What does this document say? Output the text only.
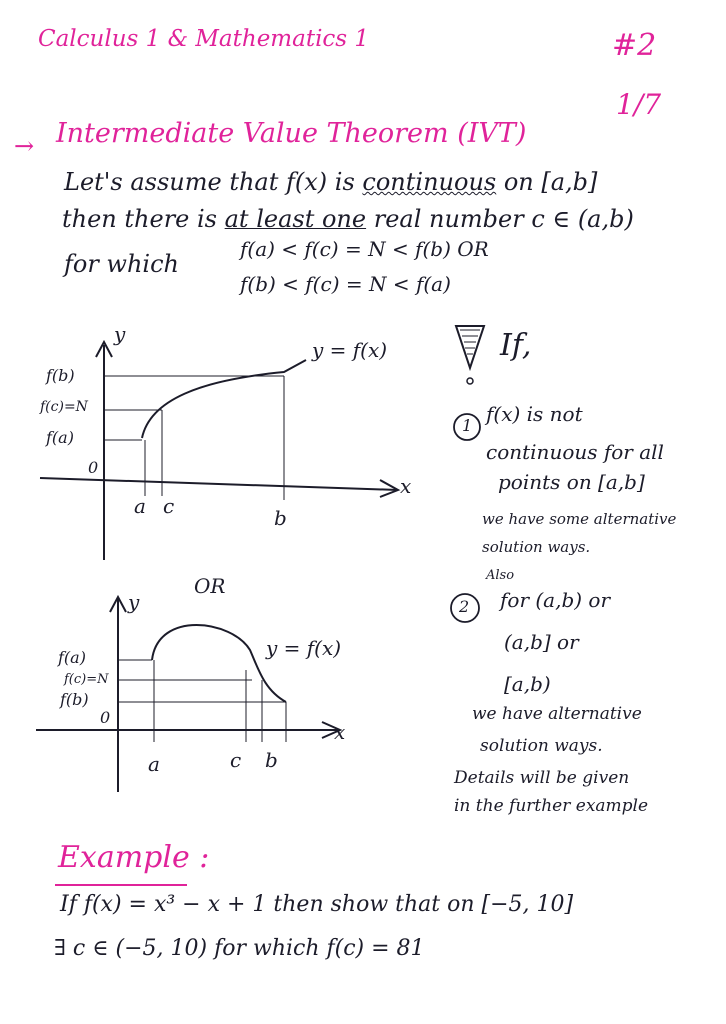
Calculus 1 & Mathematics 1	#2
1/7
→ Intermediate Value Theorem (IVT)
Let's assume that f(x) is continuous on [a,b]
then there is at least one real number c ∈ (a,b)
for which
f(a) < f(c) = N < f(b) OR
f(b) < f(c) = N < f(a)
y
x
0
y = f(x)
f(b)
f(c)=N
f(a)
a c	b
OR
y
x
0
y = f(x)
f(a)
f(c)=N
f(b)
a	c b
If,
1 f(x) is not
continuous for all
points on [a,b]
we have some alternative
solution ways.
Also
2 for (a,b) or
(a,b] or
[a,b)
we have alternative
solution ways.
Details will be given
in the further example
Example :
If f(x) = x³ − x + 1 then show that on [−5, 10]
∃ c ∈ (−5, 10) for which f(c) = 81
